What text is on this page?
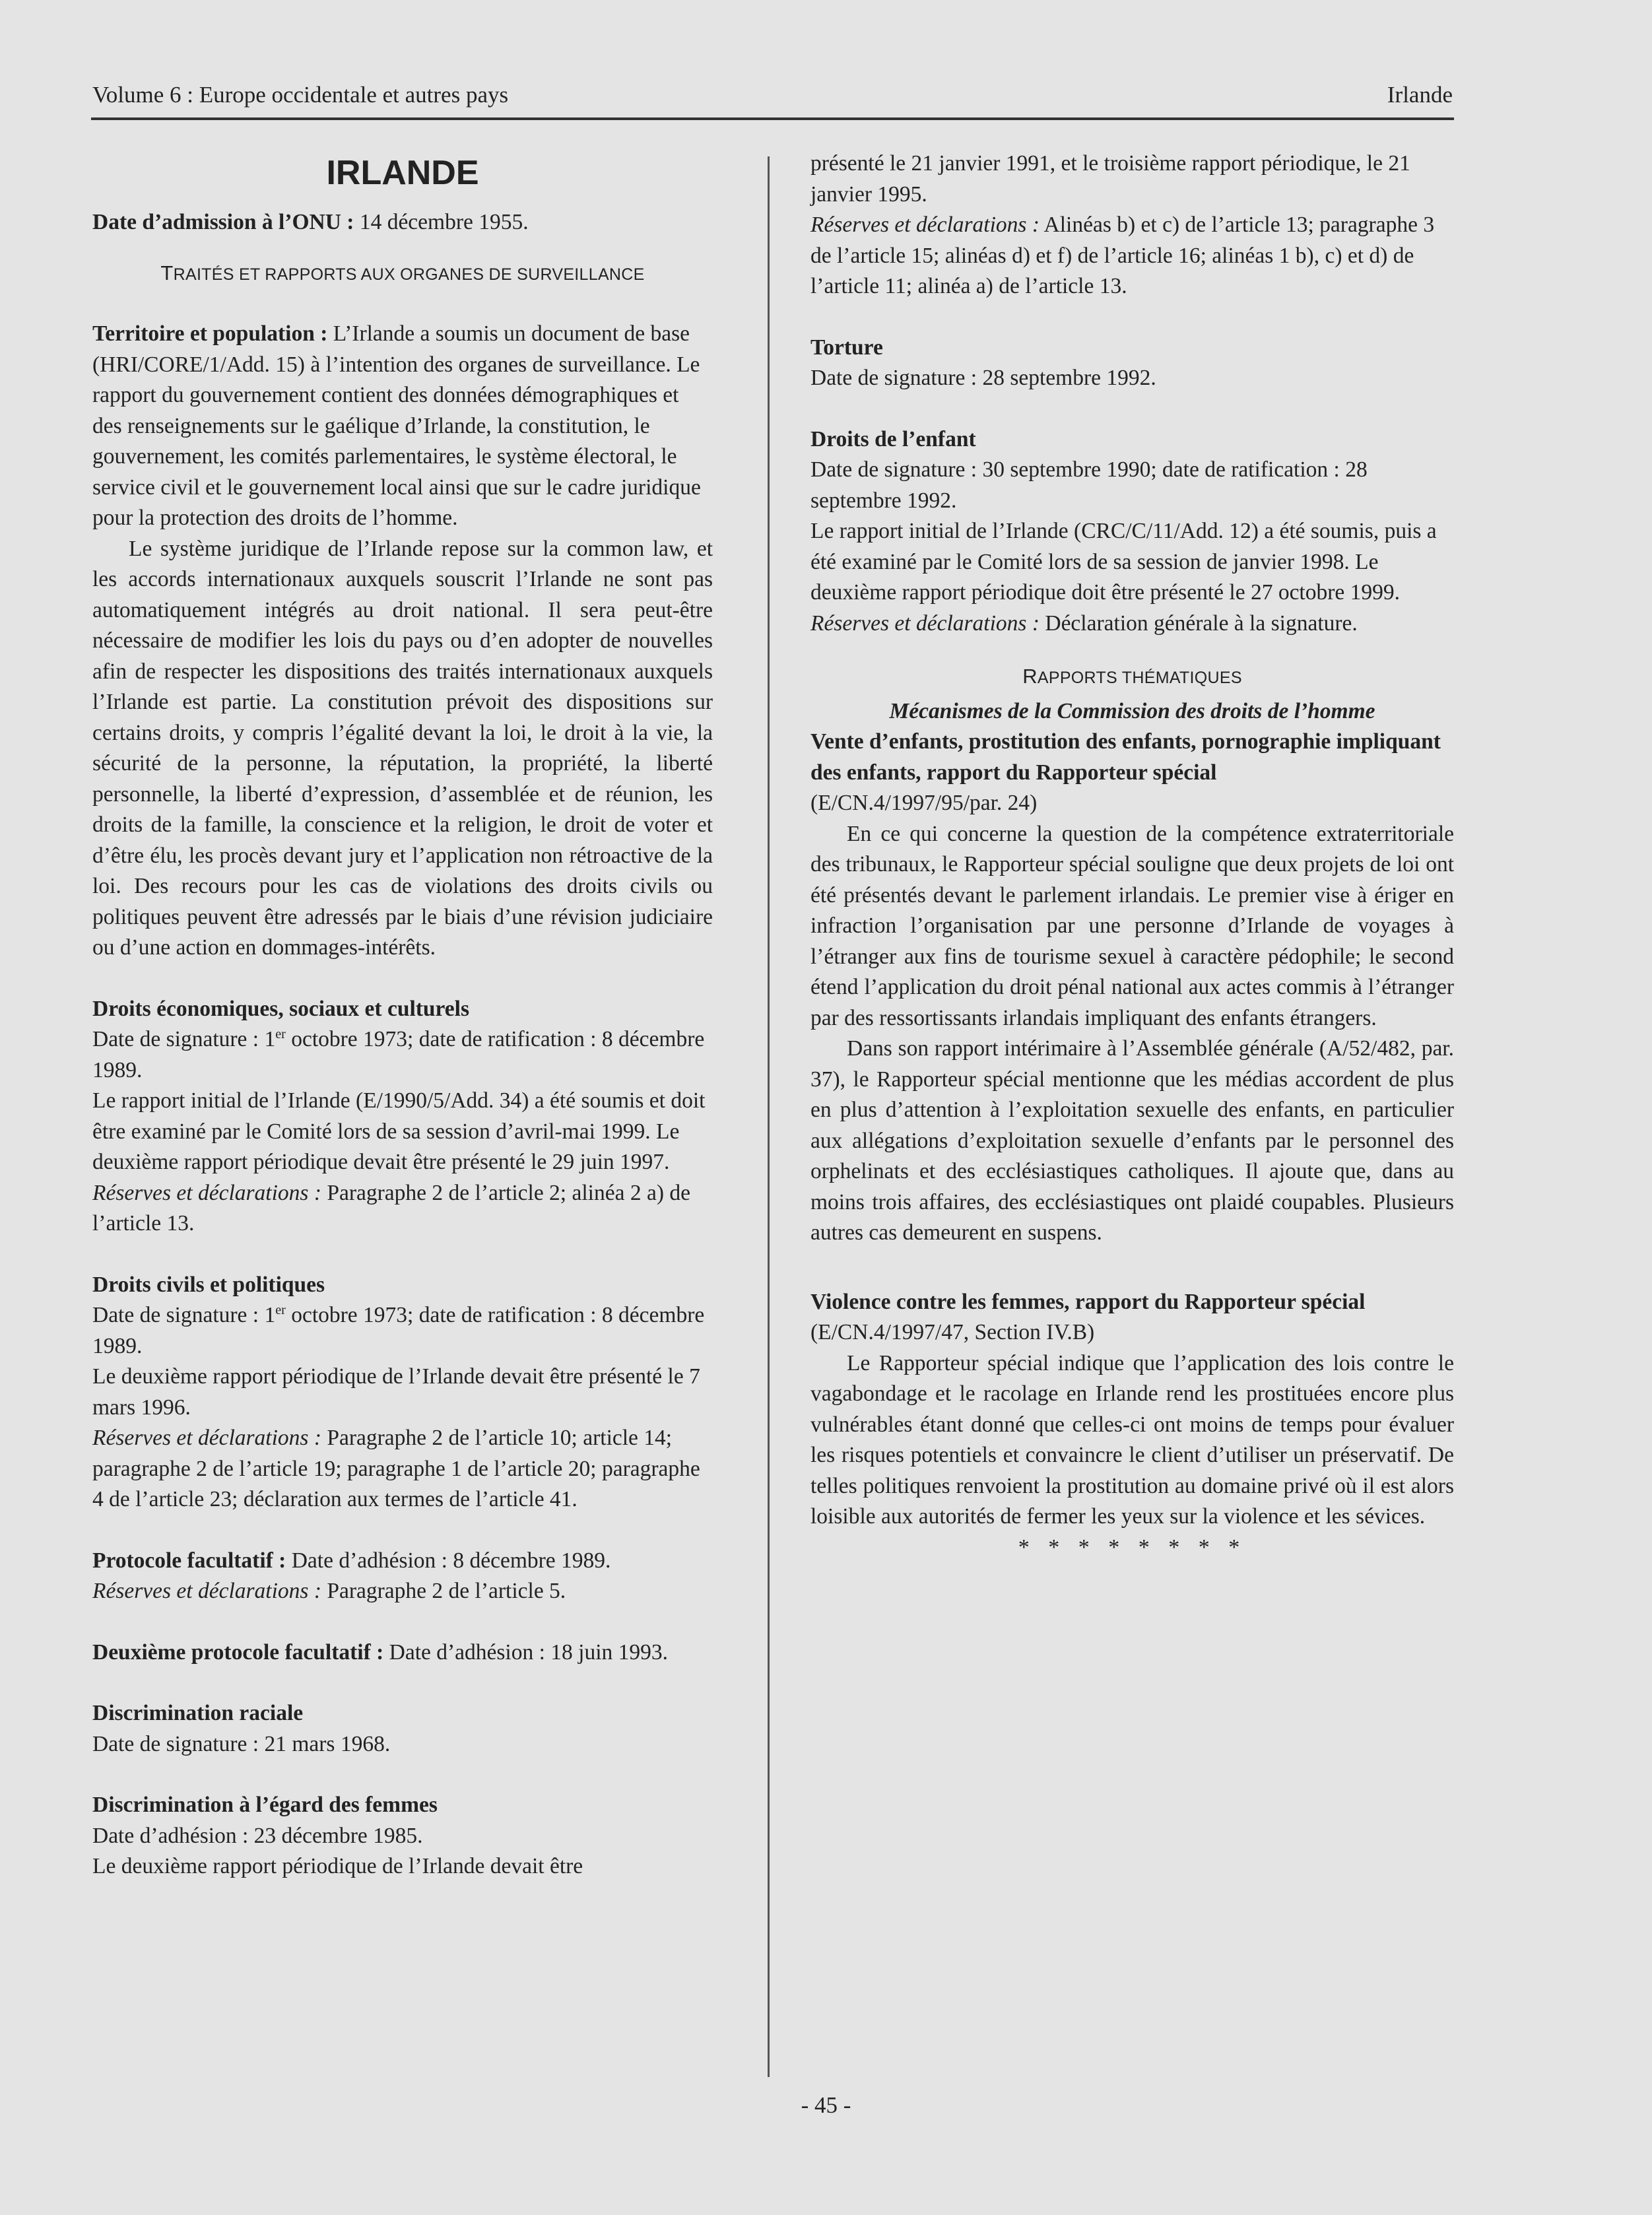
Volume 6 : Europe occidentale et autres pays	Irlande
IRLANDE

Date d’admission à l’ONU : 14 décembre 1955.

TRAITÉS ET RAPPORTS AUX ORGANES DE SURVEILLANCE

Territoire et population : L’Irlande a soumis un document de base (HRI/CORE/1/Add. 15) à l’intention des organes de surveillance. Le rapport du gouvernement contient des données démographiques et des renseignements sur le gaélique d’Irlande, la constitution, le gouvernement, les comités parlementaires, le système électoral, le service civil et le gouvernement local ainsi que sur le cadre juridique pour la protection des droits de l’homme.

Le système juridique de l’Irlande repose sur la common law, et les accords internationaux auxquels souscrit l’Irlande ne sont pas automatiquement intégrés au droit national. Il sera peut-être nécessaire de modifier les lois du pays ou d’en adopter de nouvelles afin de respecter les dispositions des traités internationaux auxquels l’Irlande est partie. La constitution prévoit des dispositions sur certains droits, y compris l’égalité devant la loi, le droit à la vie, la sécurité de la personne, la réputation, la propriété, la liberté personnelle, la liberté d’expression, d’assemblée et de réunion, les droits de la famille, la conscience et la religion, le droit de voter et d’être élu, les procès devant jury et l’application non rétroactive de la loi. Des recours pour les cas de violations des droits civils ou politiques peuvent être adressés par le biais d’une révision judiciaire ou d’une action en dommages-intérêts.

Droits économiques, sociaux et culturels

Date de signature : 1er octobre 1973; date de ratification : 8 décembre 1989.

Le rapport initial de l’Irlande (E/1990/5/Add. 34) a été soumis et doit être examiné par le Comité lors de sa session d’avril-mai 1999. Le deuxième rapport périodique devait être présenté le 29 juin 1997.

Réserves et déclarations : Paragraphe 2 de l’article 2; alinéa 2 a) de l’article 13.

Droits civils et politiques

Date de signature : 1er octobre 1973; date de ratification : 8 décembre 1989.

Le deuxième rapport périodique de l’Irlande devait être présenté le 7 mars 1996.

Réserves et déclarations : Paragraphe 2 de l’article 10; article 14; paragraphe 2 de l’article 19; paragraphe 1 de l’article 20; paragraphe 4 de l’article 23; déclaration aux termes de l’article 41.

Protocole facultatif : Date d’adhésion : 8 décembre 1989.

Réserves et déclarations : Paragraphe 2 de l’article 5.

Deuxième protocole facultatif : Date d’adhésion : 18 juin 1993.

Discrimination raciale

Date de signature : 21 mars 1968.

Discrimination à l’égard des femmes

Date d’adhésion : 23 décembre 1985.

Le deuxième rapport périodique de l’Irlande devait être

présenté le 21 janvier 1991, et le troisième rapport périodique, le 21 janvier 1995.

Réserves et déclarations : Alinéas b) et c) de l’article 13; paragraphe 3 de l’article 15; alinéas d) et f) de l’article 16; alinéas 1 b), c) et d) de l’article 11; alinéa a) de l’article 13.

Torture

Date de signature : 28 septembre 1992.

Droits de l’enfant

Date de signature : 30 septembre 1990; date de ratification : 28 septembre 1992.

Le rapport initial de l’Irlande (CRC/C/11/Add. 12) a été soumis, puis a été examiné par le Comité lors de sa session de janvier 1998. Le deuxième rapport périodique doit être présenté le 27 octobre 1999.

Réserves et déclarations : Déclaration générale à la signature.

RAPPORTS THÉMATIQUES

Mécanismes de la Commission des droits de l’homme

Vente d’enfants, prostitution des enfants, pornographie impliquant des enfants, rapport du Rapporteur spécial

(E/CN.4/1997/95/par. 24)

En ce qui concerne la question de la compétence extraterritoriale des tribunaux, le Rapporteur spécial souligne que deux projets de loi ont été présentés devant le parlement irlandais. Le premier vise à ériger en infraction l’organisation par une personne d’Irlande de voyages à l’étranger aux fins de tourisme sexuel à caractère pédophile; le second étend l’application du droit pénal national aux actes commis à l’étranger par des ressortissants irlandais impliquant des enfants étrangers.

Dans son rapport intérimaire à l’Assemblée générale (A/52/482, par. 37), le Rapporteur spécial mentionne que les médias accordent de plus en plus d’attention à l’exploitation sexuelle des enfants, en particulier aux allégations d’exploitation sexuelle d’enfants par le personnel des orphelinats et des ecclésiastiques catholiques. Il ajoute que, dans au moins trois affaires, des ecclésiastiques ont plaidé coupables. Plusieurs autres cas demeurent en suspens.

Violence contre les femmes, rapport du Rapporteur spécial (E/CN.4/1997/47, Section IV.B)

Le Rapporteur spécial indique que l’application des lois contre le vagabondage et le racolage en Irlande rend les prostituées encore plus vulnérables étant donné que celles-ci ont moins de temps pour évaluer les risques potentiels et convaincre le client d’utiliser un préservatif. De telles politiques renvoient la prostitution au domaine privé où il est alors loisible aux autorités de fermer les yeux sur la violence et les sévices.

* * * * * * * *

- 45 -
